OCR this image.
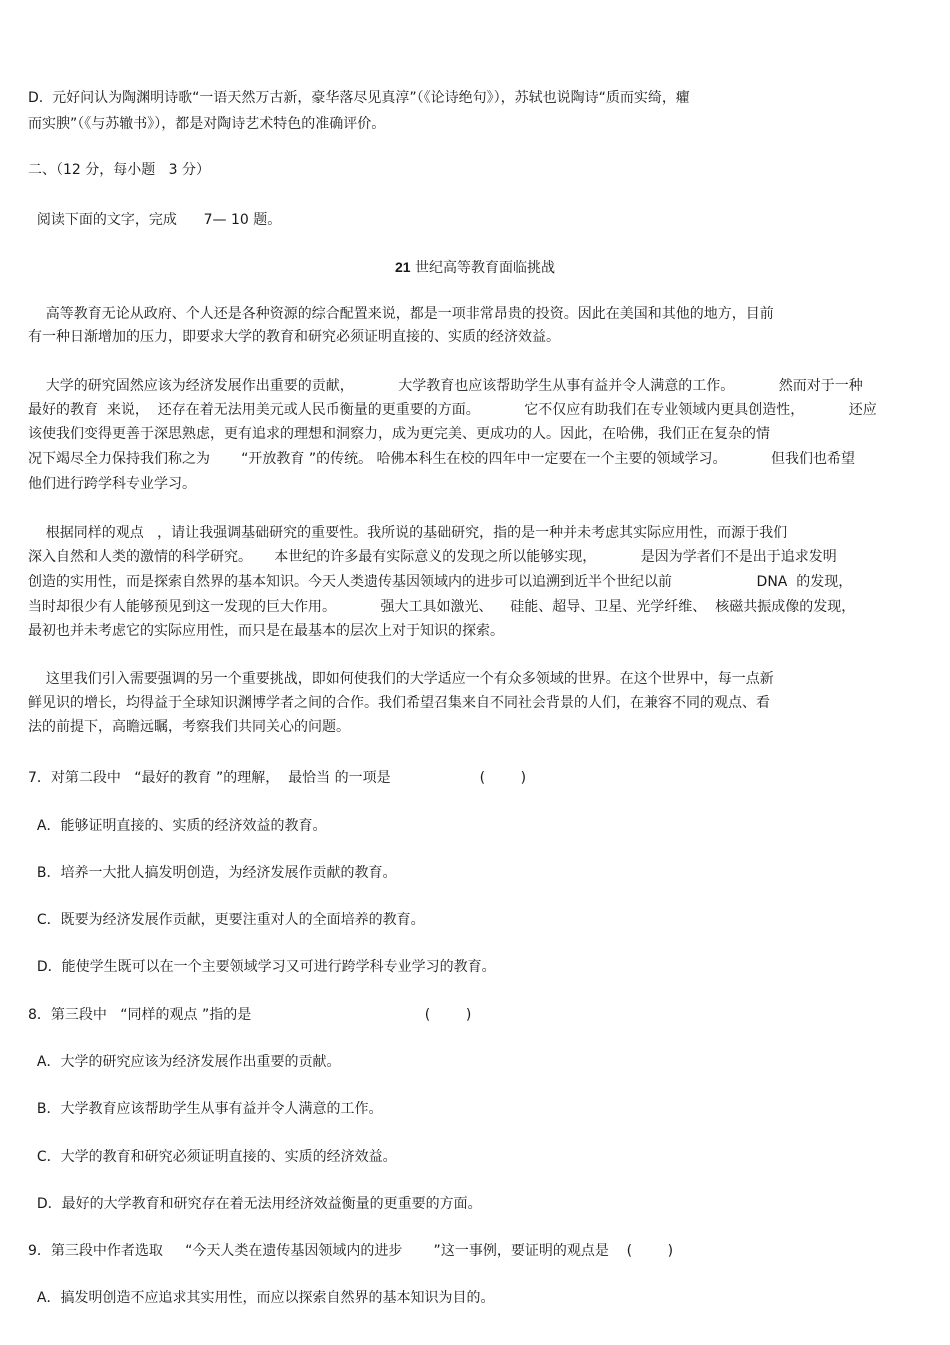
D.  元好问认为陶渊明诗歌“一语天然万古新，豪华落尽见真淳”（《论诗绝句》），苏轼也说陶诗“质而实绮，癯
而实腴”（《与苏辙书》），都是对陶诗艺术特色的准确评价。
二、（12 分，每小题   3 分）
阅读下面的文字，完成      7— 10 题。
21 世纪高等教育面临挑战
高等教育无论从政府、个人还是各种资源的综合配置来说，都是一项非常昂贵的投资。因此在美国和其他的地方，目前
有一种日渐增加的压力，即要求大学的教育和研究必须证明直接的、实质的经济效益。
大学的研究固然应该为经济发展作出重要的贡献，          大学教育也应该帮助学生从事有益并令人满意的工作。          然而对于一种
最好的教育  来说，  还存在着无法用美元或人民币衡量的更重要的方面。          它不仅应有助我们在专业领域内更具创造性，          还应
该使我们变得更善于深思熟虑，更有追求的理想和洞察力，成为更完美、更成功的人。因此，在哈佛，我们正在复杂的情
况下竭尽全力保持我们称之为       “开放教育 ”的传统。 哈佛本科生在校的四年中一定要在一个主要的领域学习。          但我们也希望
他们进行跨学科专业学习。
根据同样的观点   ，请让我强调基础研究的重要性。我所说的基础研究，指的是一种并未考虑其实际应用性，而源于我们
深入自然和人类的激情的科学研究。     本世纪的许多最有实际意义的发现之所以能够实现，          是因为学者们不是出于追求发明
创造的实用性，而是探索自然界的基本知识。今天人类遗传基因领域内的进步可以追溯到近半个世纪以前                   DNA  的发现，
当时却很少有人能够预见到这一发现的巨大作用。          强大工具如激光、    硅能、超导、卫星、光学纤维、  核磁共振成像的发现，
最初也并未考虑它的实际应用性，而只是在最基本的层次上对于知识的探索。
这里我们引入需要强调的另一个重要挑战，即如何使我们的大学适应一个有众多领域的世界。在这个世界中，每一点新
鲜见识的增长，均得益于全球知识渊博学者之间的合作。我们希望召集来自不同社会背景的人们，在兼容不同的观点、看
法的前提下，高瞻远瞩，考察我们共同关心的问题。
7．对第二段中   “最好的教育 ”的理解，  最恰当 的一项是                    (        )
A．能够证明直接的、实质的经济效益的教育。
B．培养一大批人搞发明创造，为经济发展作贡献的教育。
C．既要为经济发展作贡献，更要注重对人的全面培养的教育。
D．能使学生既可以在一个主要领域学习又可进行跨学科专业学习的教育。
8．第三段中   “同样的观点 ”指的是                                       (        )
A．大学的研究应该为经济发展作出重要的贡献。
B．大学教育应该帮助学生从事有益并令人满意的工作。
C．大学的教育和研究必须证明直接的、实质的经济效益。
D．最好的大学教育和研究存在着无法用经济效益衡量的更重要的方面。
9．第三段中作者选取     “今天人类在遗传基因领域内的进步       ”这一事例，要证明的观点是    (        )
A．搞发明创造不应追求其实用性，而应以探索自然界的基本知识为目的。
